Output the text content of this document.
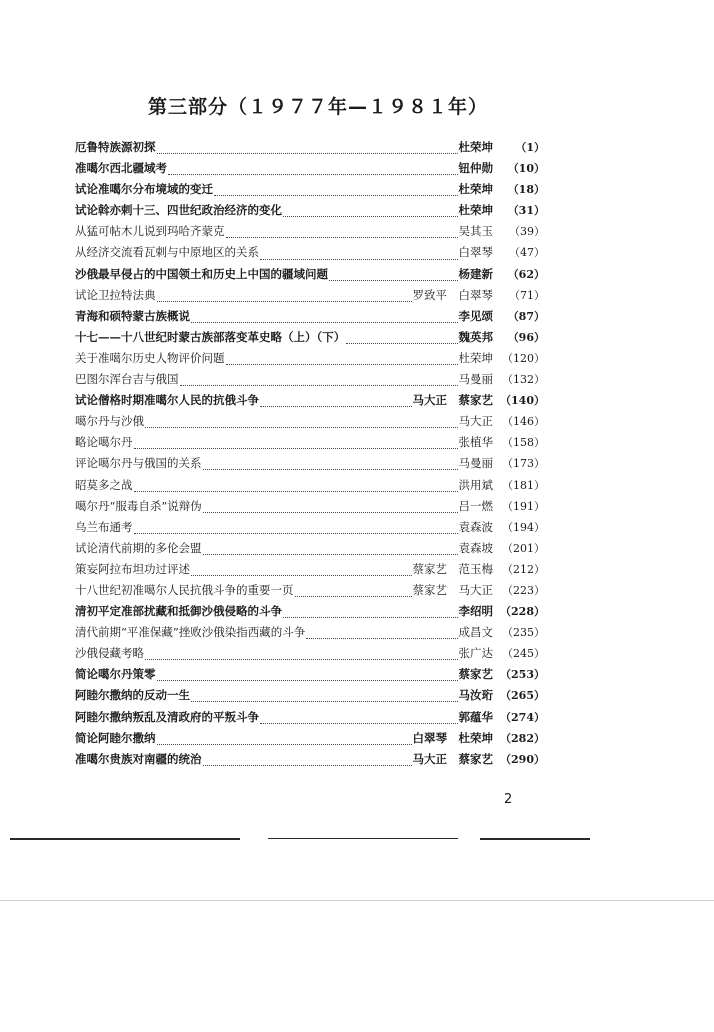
第三部分（１９７７年—１９８１年）
厄鲁特族源初探	杜荣坤	（1）
准噶尔西北疆域考	钮仲勋	（10）
试论准噶尔分布境域的变迁	杜荣坤	（18）
试论斡亦剌十三、四世纪政治经济的变化	杜荣坤	（31）
从猛可帖木儿说到玛哈齐蒙克	吴其玉	（39）
从经济交流看瓦剌与中原地区的关系	白翠琴	（47）
沙俄最早侵占的中国领土和历史上中国的疆域问题	杨建新	（62）
试论卫拉特法典	罗致平　白翠琴	（71）
青海和硕特蒙古族概说	李见颂	（87）
十七——十八世纪时蒙古族部落变革史略（上）（下）	魏英邦	（96）
关于准噶尔历史人物评价问题	杜荣坤 （120）
巴图尔浑台吉与俄国	马曼丽 （132）
试论僧格时期准噶尔人民的抗俄斗争	马大正　蔡家艺 （140）
噶尔丹与沙俄	马大正 （146）
略论噶尔丹	张植华 （158）
评论噶尔丹与俄国的关系	马曼丽 （173）
昭莫多之战	洪用斌 （181）
噶尔丹“服毒自杀”说辩伪	吕一燃 （191）
乌兰布通考	袁森波 （194）
试论清代前期的多伦会盟	袁森坡 （201）
策妄阿拉布坦功过评述	蔡家艺　范玉梅 （212）
十八世纪初准噶尔人民抗俄斗争的重要一页	蔡家艺　马大正 （223）
清初平定准部扰藏和抵御沙俄侵略的斗争	李绍明 （228）
清代前期“平准保藏”挫败沙俄染指西藏的斗争	成昌文 （235）
沙俄侵藏考略	张广达 （245）
简论噶尔丹策零	蔡家艺 （253）
阿睦尔撒纳的反动一生	马汝珩 （265）
阿睦尔撒纳叛乱及清政府的平叛斗争	郭蕴华 （274）
简论阿睦尔撒纳	白翠琴　杜荣坤 （282）
准噶尔贵族对南疆的统治	马大正　蔡家艺 （290）
2
